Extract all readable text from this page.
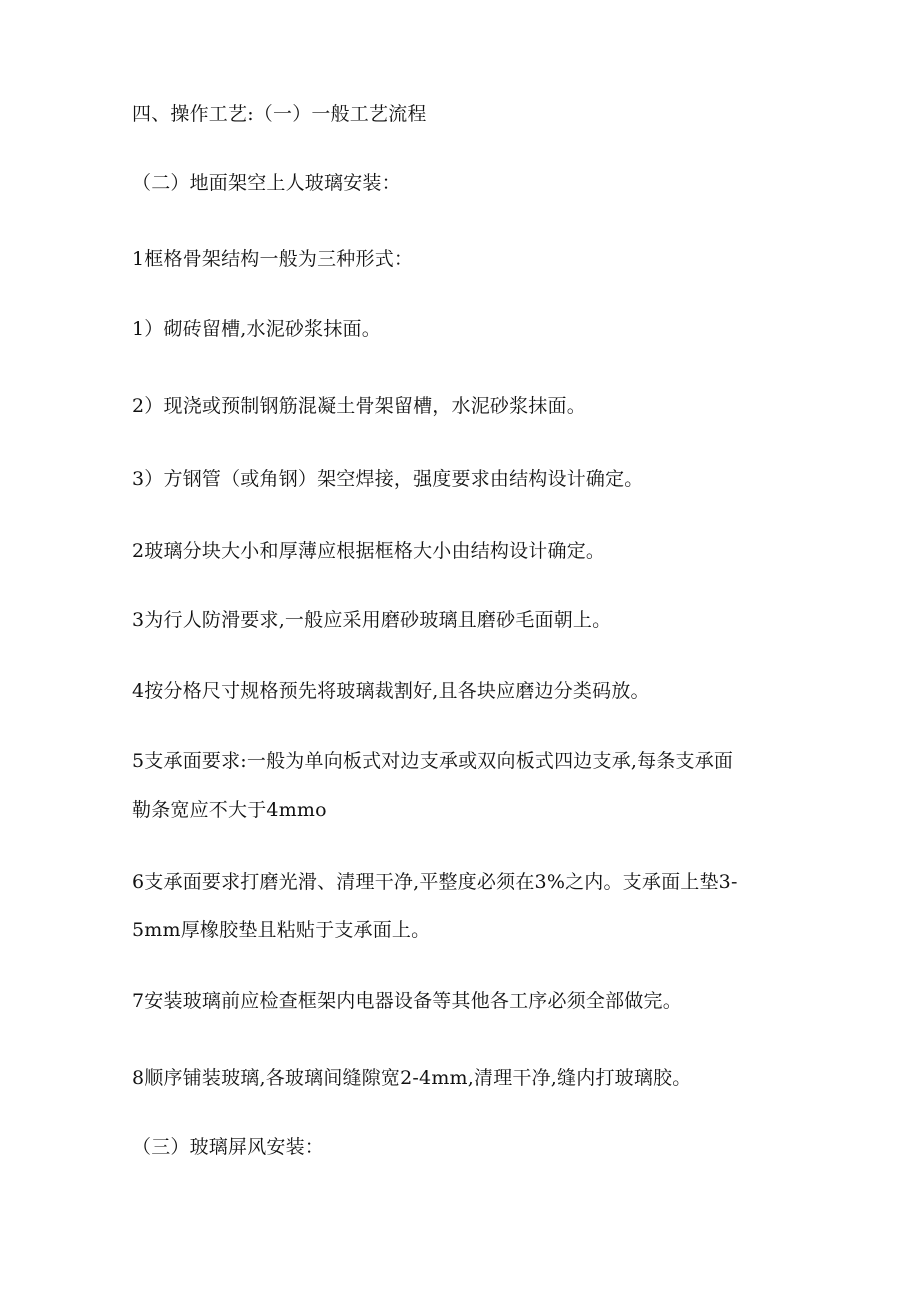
四、操作工艺:（一）一般工艺流程
（二）地面架空上人玻璃安装：
1框格骨架结构一般为三种形式：
1）砌砖留槽,水泥砂浆抹面。
2）现浇或预制钢筋混凝土骨架留槽，水泥砂浆抹面。
3）方钢管（或角钢）架空焊接，强度要求由结构设计确定。
2玻璃分块大小和厚薄应根据框格大小由结构设计确定。
3为行人防滑要求,一般应采用磨砂玻璃且磨砂毛面朝上。
4按分格尺寸规格预先将玻璃裁割好,且各块应磨边分类码放。
5支承面要求:一般为单向板式对边支承或双向板式四边支承,每条支承面
勒条宽应不大于4mmo
6支承面要求打磨光滑、清理干净,平整度必须在3%之内。支承面上垫3-
5mm厚橡胶垫且粘贴于支承面上。
7安装玻璃前应检查框架内电器设备等其他各工序必须全部做完。
8顺序铺装玻璃,各玻璃间缝隙宽2-4mm,清理干净,缝内打玻璃胶。
（三）玻璃屏风安装：
